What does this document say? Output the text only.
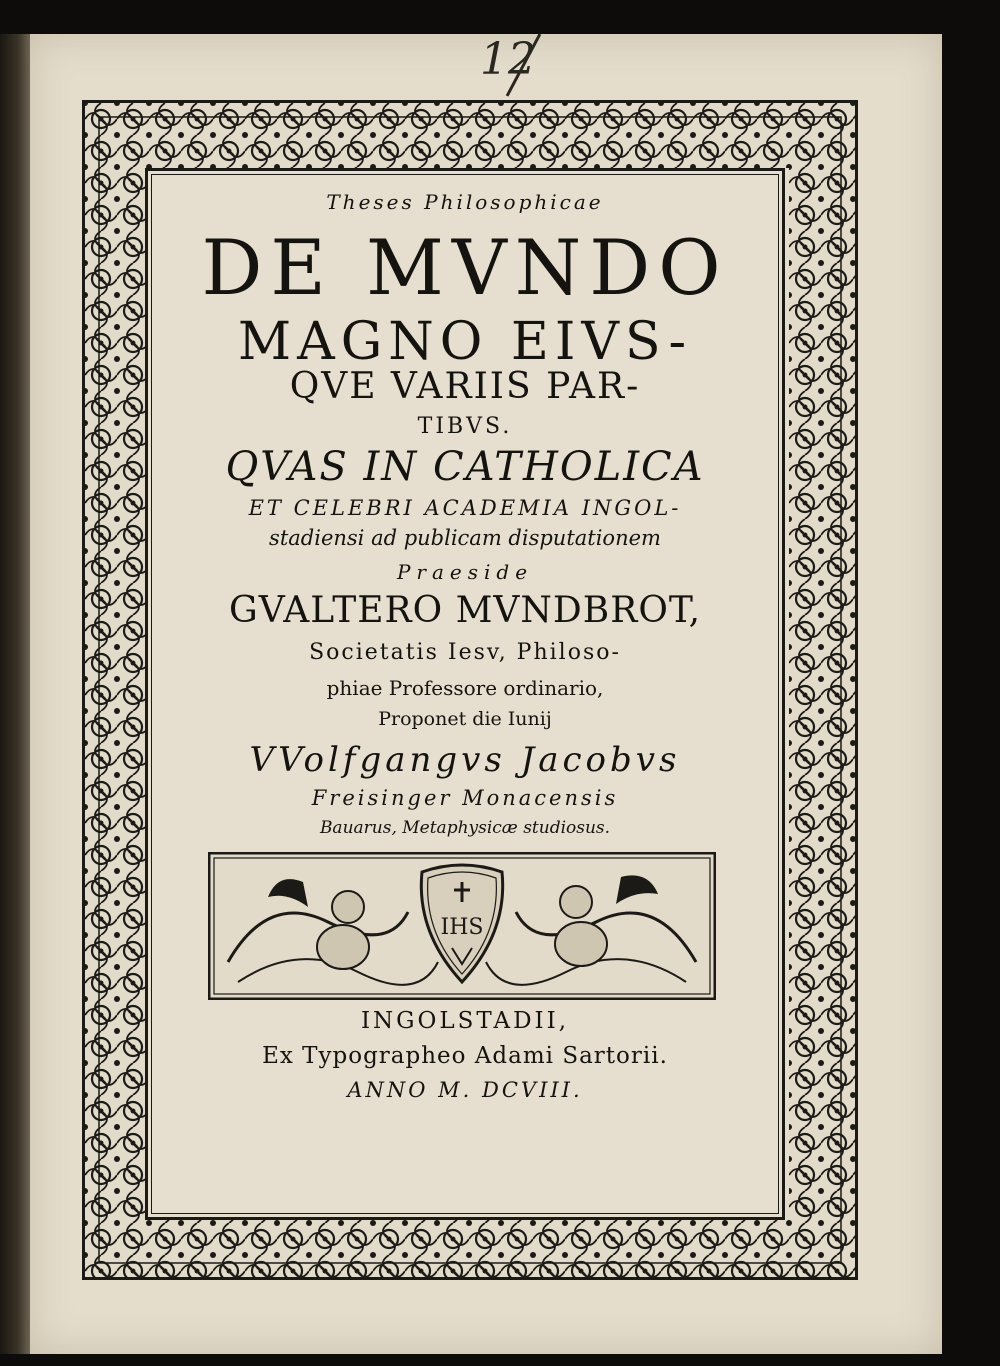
12
Theses Philosophicae
DE MVNDO
MAGNO EIVS-
QVE VARIIS PAR-
TIBVS.
QVAS IN CATHOLICA
ET CELEBRI ACADEMIA INGOL-
stadiensi ad publicam disputationem
Praeside
GVALTERO MVNDBROT,
Societatis Iesv, Philoso-
phiae Professore ordinario,
Proponet die Iunij
VVolfgangvs Jacobvs
Freisinger Monacensis
Bauarus, Metaphysicæ studiosus.
IHS
INGOLSTADII,
Ex Typographeo Adami Sartorii.
ANNO M. DCVIII.
